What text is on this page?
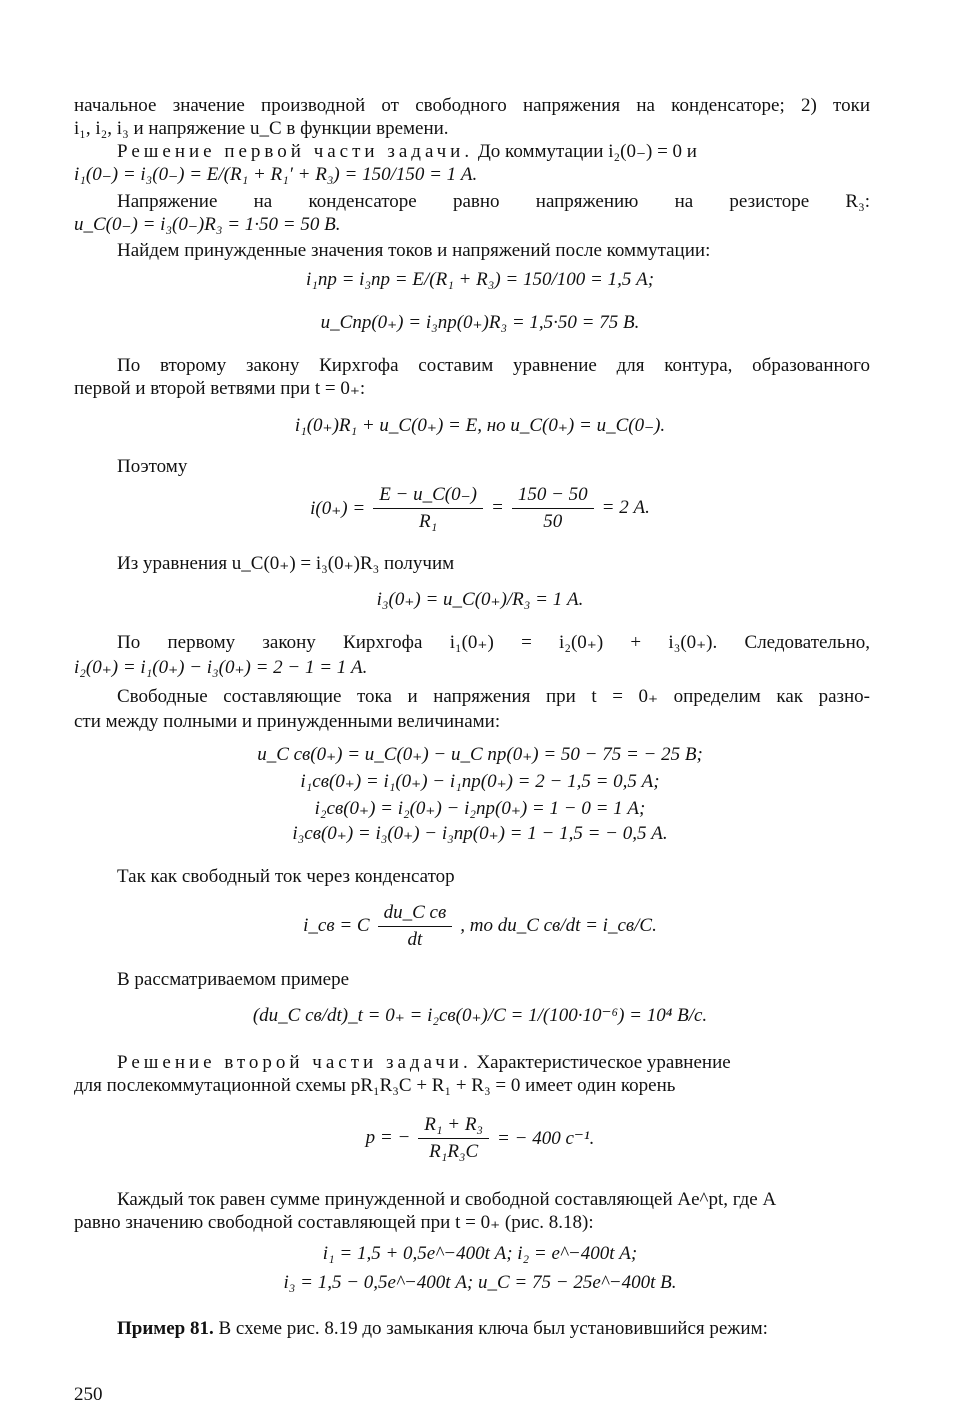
начальное значение производной от свободного напряжения на конденсаторе; 2) токи
i₁, i₂, i₃ и напряжение u_C в функции времени.
Решение первой части задачи. До коммутации i₂(0₋) = 0 и
i₁(0₋) = i₃(0₋) = E/(R₁ + R₁′ + R₃) = 150/150 = 1 А.
Напряжение на конденсаторе равно напряжению на резисторе R₃:
u_C(0₋) = i₃(0₋)R₃ = 1·50 = 50 В.
Найдем принужденные значения токов и напряжений после коммутации:
i₁пр = i₃пр = E/(R₁ + R₃) = 150/100 = 1,5 А;
u_Cпр(0₊) = i₃пр(0₊)R₃ = 1,5·50 = 75 В.
По второму закону Кирхгофа составим уравнение для контура, образованного
первой и второй ветвями при t = 0₊:
i₁(0₊)R₁ + u_C(0₊) = E, но u_C(0₊) = u_C(0₋).
Поэтому
$i(0_+) = \frac{E - u\_C(0_-)}{\text{R₁}} = \frac{150 - 50}{50} = 2$ А.
Из уравнения u_C(0₊) = i₃(0₊)R₃ получим
i₃(0₊) = u_C(0₊)/R₃ = 1 А.
По первому закону Кирхгофа i₁(0₊) = i₂(0₊) + i₃(0₊). Следовательно,
i₂(0₊) = i₁(0₊) − i₃(0₊) = 2 − 1 = 1 А.
Свободные составляющие тока и напряжения при t = 0₊ определим как разно-
сти между полными и принужденными величинами:
u_C св(0₊) = u_C(0₊) − u_C пр(0₊) = 50 − 75 = − 25 В;
i₁св(0₊) = i₁(0₊) − i₁пр(0₊) = 2 − 1,5 = 0,5 А;
i₂св(0₊) = i₂(0₊) − i₂пр(0₊) = 1 − 0 = 1 А;
i₃св(0₊) = i₃(0₊) − i₃пр(0₊) = 1 − 1,5 = − 0,5 А.
Так как свободный ток через конденсатор
i_св = C $\frac{\text{du\_C св}}{dt}$ , то du_C св/dt = i_св/C.
В рассматриваемом примере
(du_C св/dt)_t = 0₊ = i₂св(0₊)/C = 1/(100·10⁻⁶) = 10⁴ В/с.
Решение второй части задачи. Характеристическое уравнение
для послекоммутационной схемы pR₁R₃C + R₁ + R₃ = 0 имеет один корень
p = − $\frac{\text{R₁ + R₃}}{\text{R₁R₃C}}$ = − 400 с⁻¹.
Каждый ток равен сумме принужденной и свободной составляющей Ae^pt, где A
равно значению свободной составляющей при t = 0₊ (рис. 8.18):
i₁ = 1,5 + 0,5e^−400t А; i₂ = e^−400t А;
i₃ = 1,5 − 0,5e^−400t А; u_C = 75 − 25e^−400t В.
Пример 81. В схеме рис. 8.19 до замыкания ключа был установившийся режим:
250
